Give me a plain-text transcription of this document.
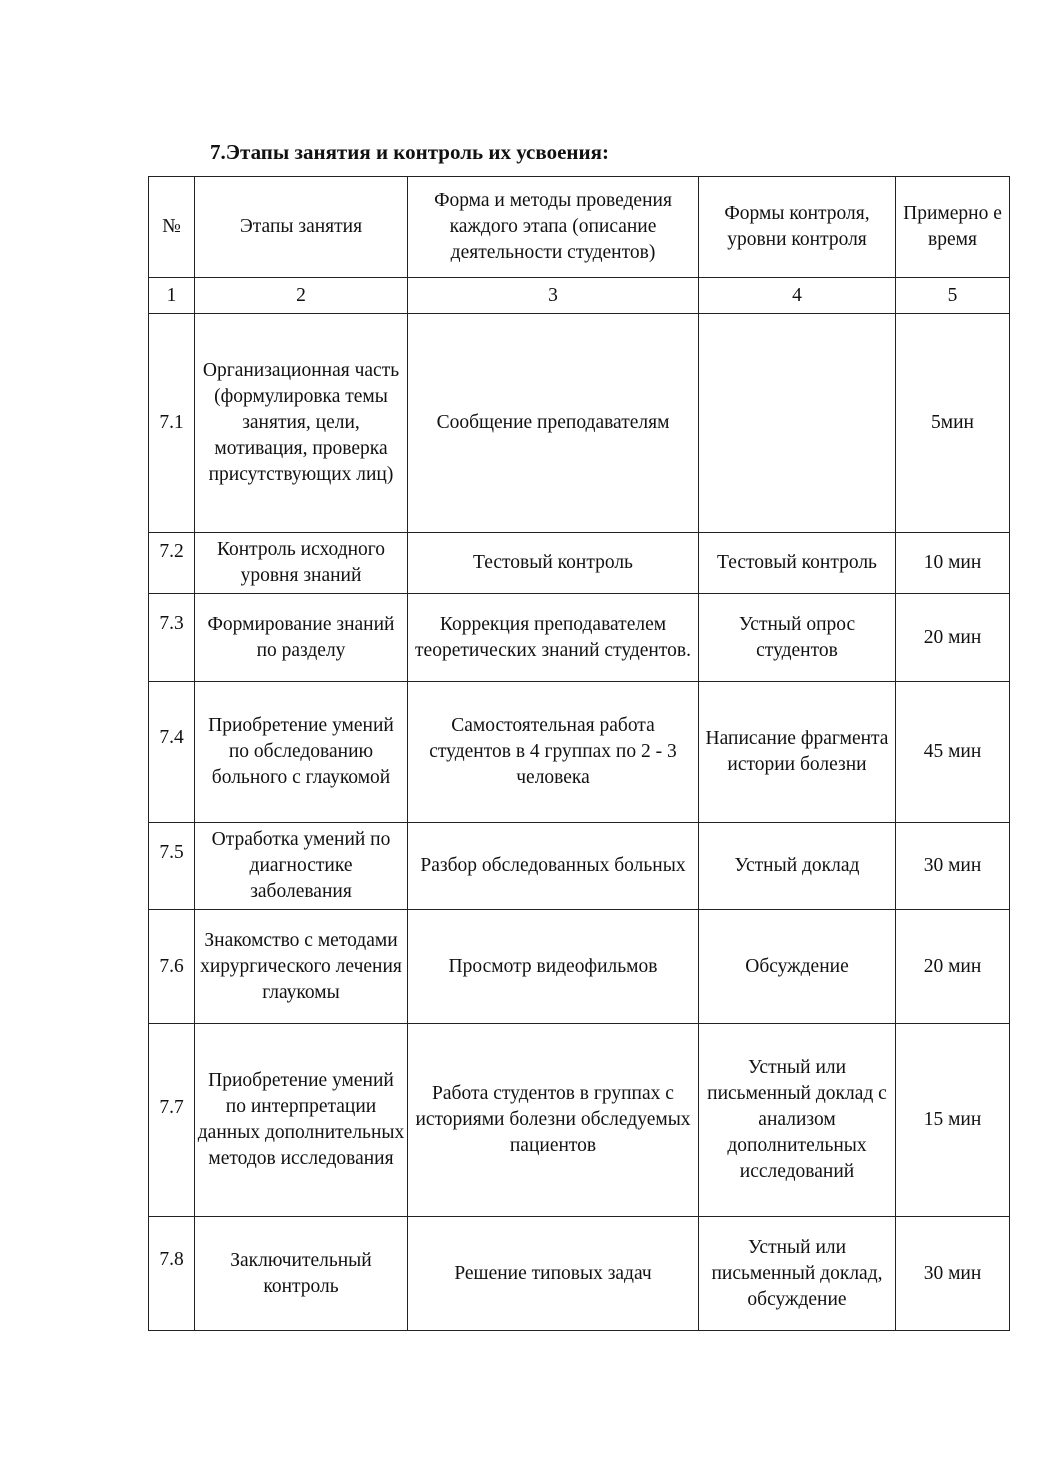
7.Этапы занятия и контроль их усвоения:
№	Этапы занятия	Форма и методы проведения каждого этапа (описание деятельности студентов)	Формы контроля, уровни контроля	Примерно е время
1	2	3	4	5
7.1	Организационная часть (формулировка темы занятия, цели, мотивация, проверка присутствующих лиц)	Сообщение преподавателям		5мин
7.2	Контроль исходного уровня знаний	Тестовый контроль	Тестовый контроль	10 мин
7.3	Формирование знаний по разделу	Коррекция преподавателем теоретических знаний студентов.	Устный опрос студентов	20 мин
7.4	Приобретение умений по обследованию больного с глаукомой	Самостоятельная работа студентов в 4 группах по 2 - 3 человека	Написание фрагмента истории болезни	45 мин
7.5	Отработка умений по диагностике заболевания	Разбор обследованных больных	Устный доклад	30 мин
7.6	Знакомство с методами хирургического лечения глаукомы	Просмотр видеофильмов	Обсуждение	20 мин
7.7	Приобретение умений по интерпретации данных дополнительных методов исследования	Работа студентов в группах с историями болезни обследуемых пациентов	Устный или письменный доклад с анализом дополнительных исследований	15 мин
7.8	Заключительный контроль	Решение типовых задач	Устный или письменный доклад, обсуждение	30 мин
